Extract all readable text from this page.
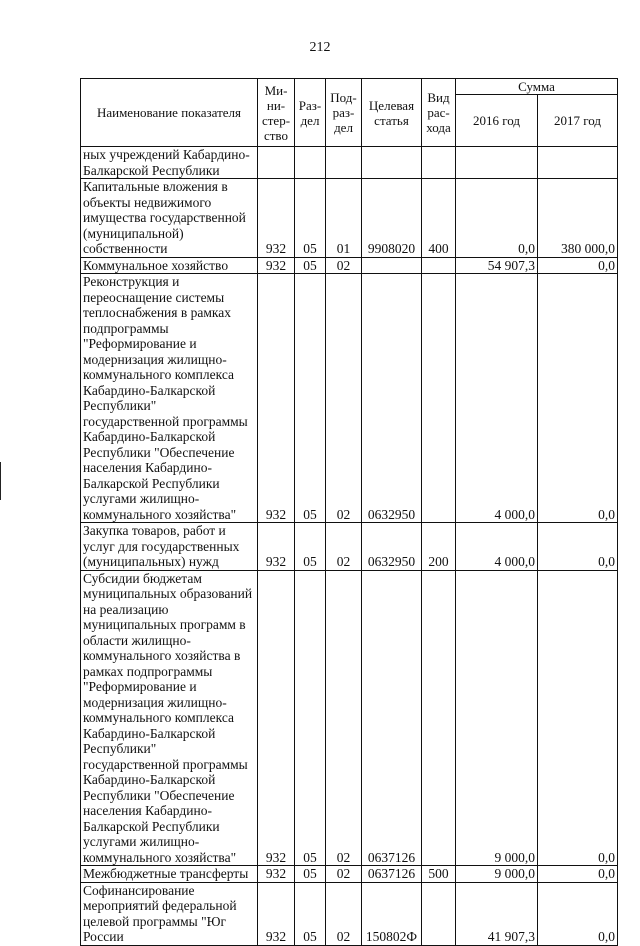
212
Наименование показателя	Ми-ни-стер-ство	Раз-дел	Под-раз-дел	Целевая статья	Вид рас-хода	Сумма	
						2016 год	2017 год
ных учреждений Кабардино-Балкарской Республики							
Капитальные вложения в объекты недвижимого имущества государственной (муниципальной) собственности	932	05	01	9908020	400	0,0	380 000,0
Коммунальное хозяйство	932	05	02			54 907,3	0,0
Реконструкция и переоснащение системы теплоснабжения в рамках подпрограммы "Реформирование и модернизация жилищно-коммунального комплекса Кабардино-Балкарской Республики" государственной программы Кабардино-Балкарской Республики "Обеспечение населения Кабардино-Балкарской Республики услугами жилищно-коммунального хозяйства"	932	05	02	0632950		4 000,0	0,0
Закупка товаров, работ и услуг для государственных (муниципальных) нужд	932	05	02	0632950	200	4 000,0	0,0
Субсидии бюджетам муниципальных образований на реализацию муниципальных программ в области жилищно-коммунального хозяйства в рамках подпрограммы "Реформирование и модернизация жилищно-коммунального комплекса Кабардино-Балкарской Республики" государственной программы Кабардино-Балкарской Республики "Обеспечение населения Кабардино-Балкарской Республики услугами жилищно-коммунального хозяйства"	932	05	02	0637126		9 000,0	0,0
Межбюджетные трансферты	932	05	02	0637126	500	9 000,0	0,0
Софинансирование мероприятий федеральной целевой программы "Юг России	932	05	02	150802Ф		41 907,3	0,0
